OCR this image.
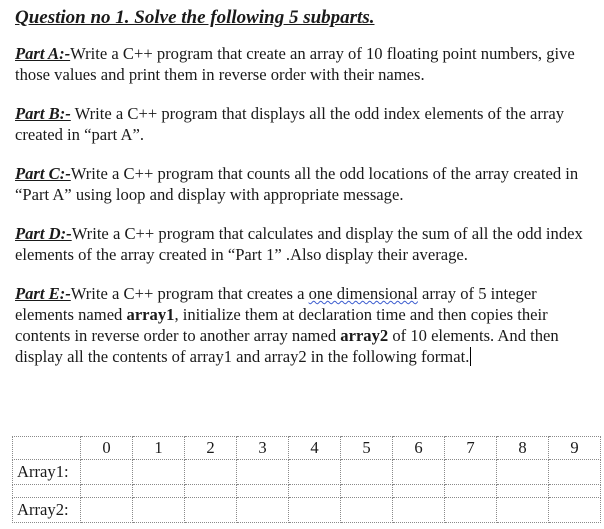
Question no 1. Solve the following 5 subparts.
Part A:-Write a C++ program that create an array of 10 floating point numbers, give those values and print them in reverse order with their names.
Part B:- Write a C++ program that displays all the odd index elements of the array created in “part A”.
Part C:-Write a C++ program that counts all the odd locations of the array created in “Part A” using loop and display with appropriate message.
Part D:-Write a C++ program that calculates and display the sum of all the odd index elements of the array created in “Part 1” .Also display their average.
Part E:-Write a C++ program that creates a one dimensional array of 5 integer elements named array1, initialize them at declaration time and then copies their contents in reverse order to another array named array2 of 10 elements. And then display all the contents of array1 and array2 in the following format.
	0	1	2	3	4	5	6	7	8	9
Array1:										

Array2:										
